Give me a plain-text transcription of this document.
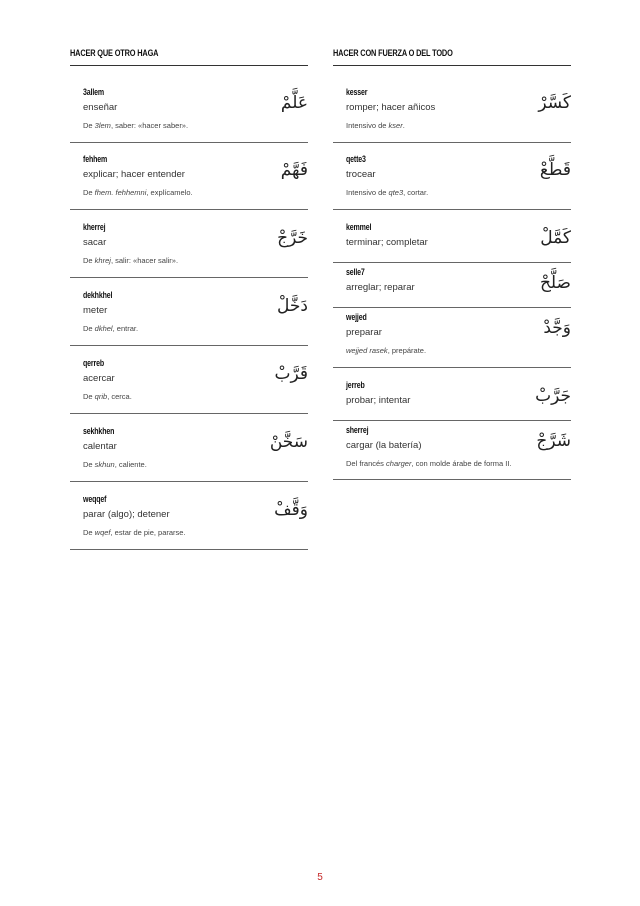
HACER QUE OTRO HAGA
3allem
enseñar	عَلَّمْ
De 3lem, saber: «hacer saber».
fehhem
explicar; hacer entender	فَهَّمْ
De fhem. fehhemni, explícamelo.
kherrej
sacar	خَرَّجْ
De khrej, salir: «hacer salir».
dekhkhel
meter	دَخَّلْ
De dkhel, entrar.
qerreb
acercar	قَرَّبْ
De qrib, cerca.
sekhkhen
calentar	سَخَّنْ
De skhun, caliente.
weqqef
parar (algo); detener	وَقَّفْ
De wqef, estar de pie, pararse.
HACER CON FUERZA O DEL TODO
kesser
romper; hacer añicos	كَسَّرْ
Intensivo de kser.
qette3
trocear	قَطَّعْ
Intensivo de qte3, cortar.
kemmel
terminar; completar	كَمَّلْ
selle7
arreglar; reparar	صَلَّحْ
wejjed
preparar	وَجَّدْ
wejjed rasek, prepárate.
jerreb
probar; intentar	جَرَّبْ
sherrej
cargar (la batería)	شَرَّجْ
Del francés charger, con molde árabe de forma II.
5
